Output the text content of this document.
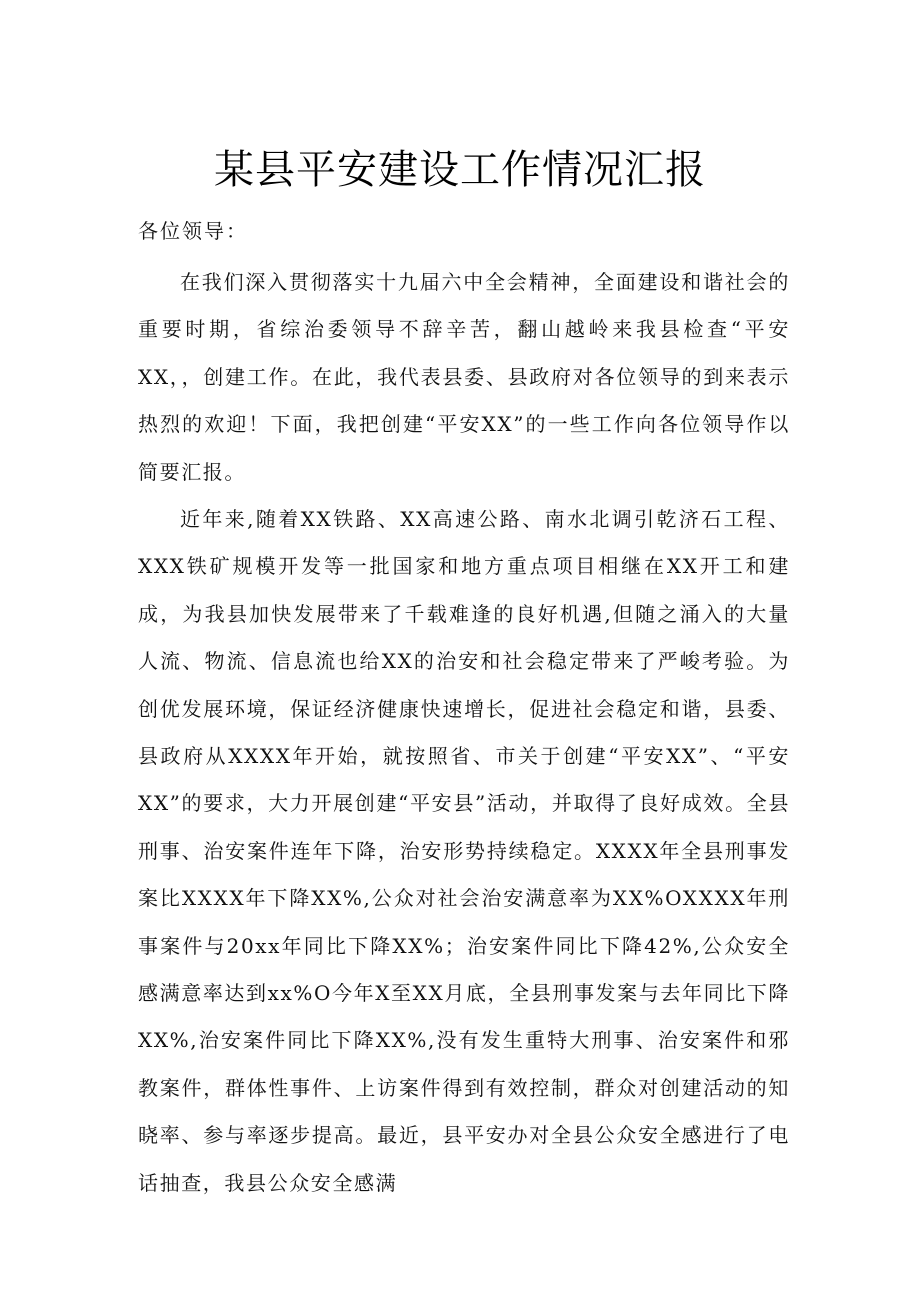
某县平安建设工作情况汇报

各位领导：

在我们深入贯彻落实十九届六中全会精神，全面建设和谐社会的重要时期，省综治委领导不辞辛苦，翻山越岭来我县检查“平安XX，，创建工作。在此，我代表县委、县政府对各位领导的到来表示热烈的欢迎！下面，我把创建“平安XX”的一些工作向各位领导作以简要汇报。

近年来,随着XX铁路、XX高速公路、南水北调引乾济石工程、XXX铁矿规模开发等一批国家和地方重点项目相继在XX开工和建成，为我县加快发展带来了千载难逢的良好机遇,但随之涌入的大量人流、物流、信息流也给XX的治安和社会稳定带来了严峻考验。为创优发展环境，保证经济健康快速增长，促进社会稳定和谐，县委、县政府从XXXX年开始，就按照省、市关于创建“平安XX”、“平安XX”的要求，大力开展创建“平安县”活动，并取得了良好成效。全县刑事、治安案件连年下降，治安形势持续稳定。XXXX年全县刑事发案比XXXX年下降XX%,公众对社会治安满意率为XX%OXXXX年刑事案件与20xx年同比下降XX%；治安案件同比下降42%,公众安全感满意率达到xx%O今年X至XX月底，全县刑事发案与去年同比下降XX%,治安案件同比下降XX%,没有发生重特大刑事、治安案件和邪教案件，群体性事件、上访案件得到有效控制，群众对创建活动的知晓率、参与率逐步提高。最近，县平安办对全县公众安全感进行了电话抽查，我县公众安全感满
